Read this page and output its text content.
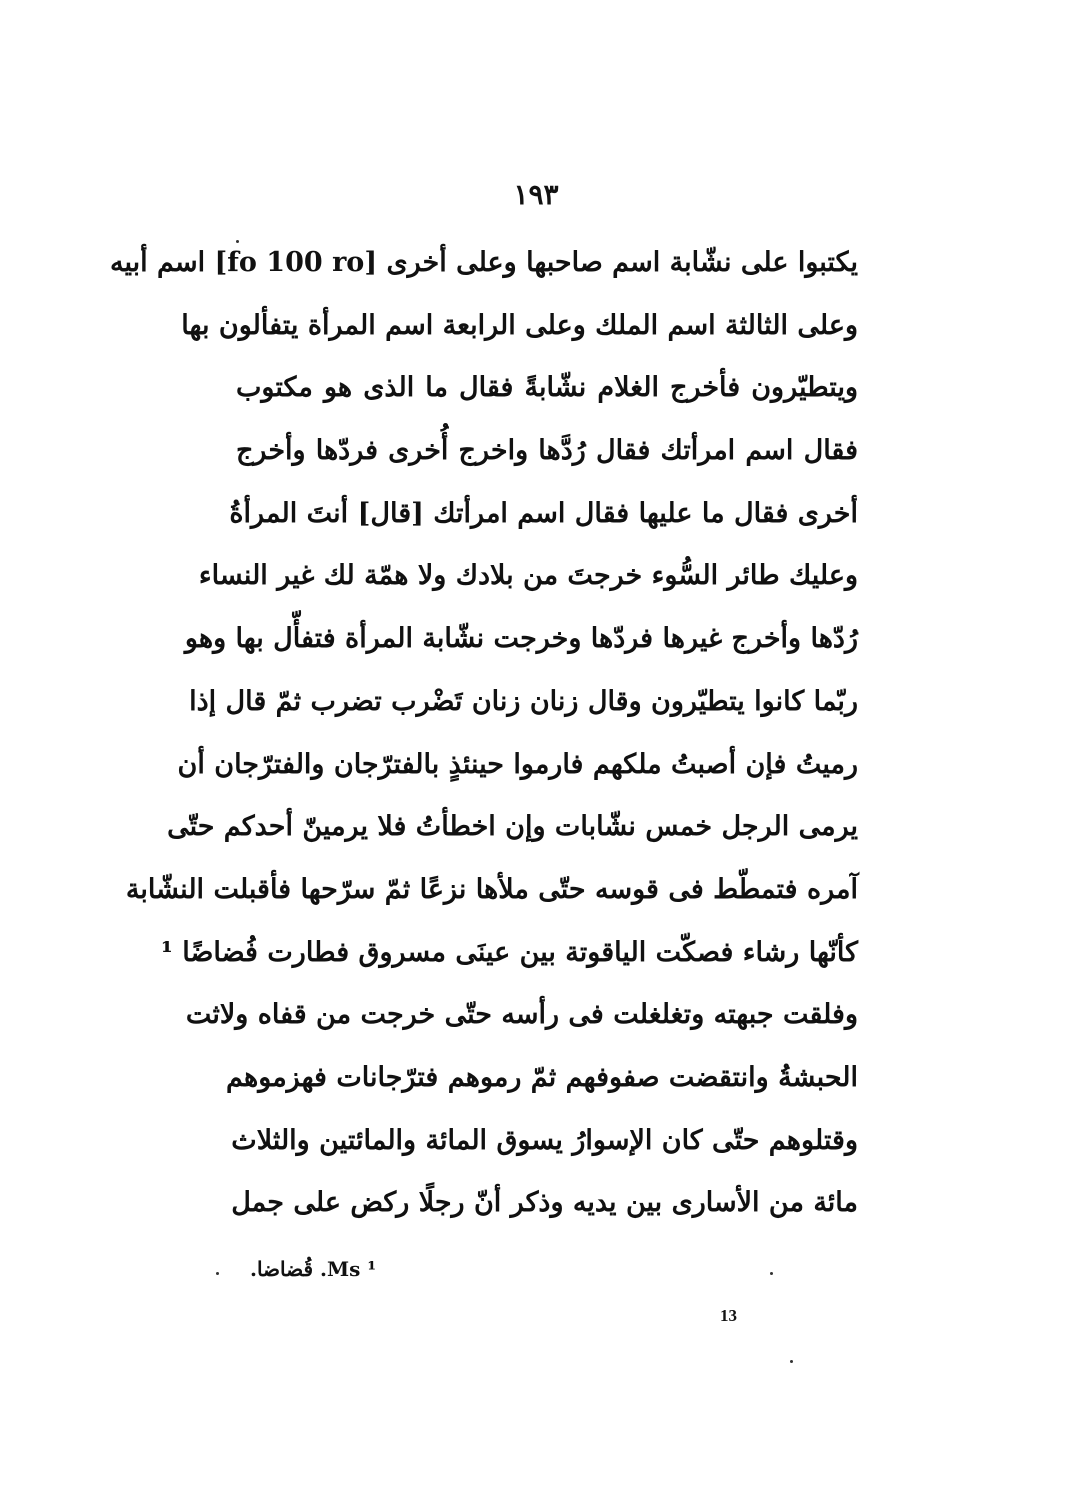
١٩٣
يكتبوا على نشّابة اسم صاحبها وعلى أخرى [fo 100 ro] اسم أبيه
وعلى الثالثة اسم الملك وعلى الرابعة اسم المرأة يتفألون بها
ويتطيّرون فأخرج الغلام نشّابةً فقال ما الذى هو مكتوب
فقال اسم امرأتك فقال رُدَّها واخرج أُخرى فردّها وأخرج
أخرى فقال ما عليها فقال اسم امرأتك [قال] أنتَ المرأةُ
وعليك طائر السُّوء خرجتَ من بلادك ولا همّة لك غير النساء
رُدّها وأخرج غيرها فردّها وخرجت نشّابة المرأة فتفأّل بها وهو
ربّما كانوا يتطيّرون وقال زنان زنان تَضْرب تضرب ثمّ قال إذا
رميتُ فإن أصبتُ ملكهم فارموا حينئذٍ بالفترّجان والفترّجان أن
يرمى الرجل خمس نشّابات وإن اخطأتُ فلا يرمينّ أحدكم حتّى
آمره فتمطّط فى قوسه حتّى ملأها نزعًا ثمّ سرّحها فأقبلت النشّابة
كأنّها رشاء فصكّت الياقوتة بين عينَى مسروق فطارت فُضاضًا ¹
وفلقت جبهته وتغلغلت فى رأسه حتّى خرجت من قفاه ولاثت
الحبشةُ وانتقضت صفوفهم ثمّ رموهم فترّجانات فهزموهم
وقتلوهم حتّى كان الإسوارُ يسوق المائة والمائتين والثلاث
مائة من الأسارى بين يديه وذكر أنّ رجلًا ركض على جمل
¹ Ms. قُضاضا.
13
